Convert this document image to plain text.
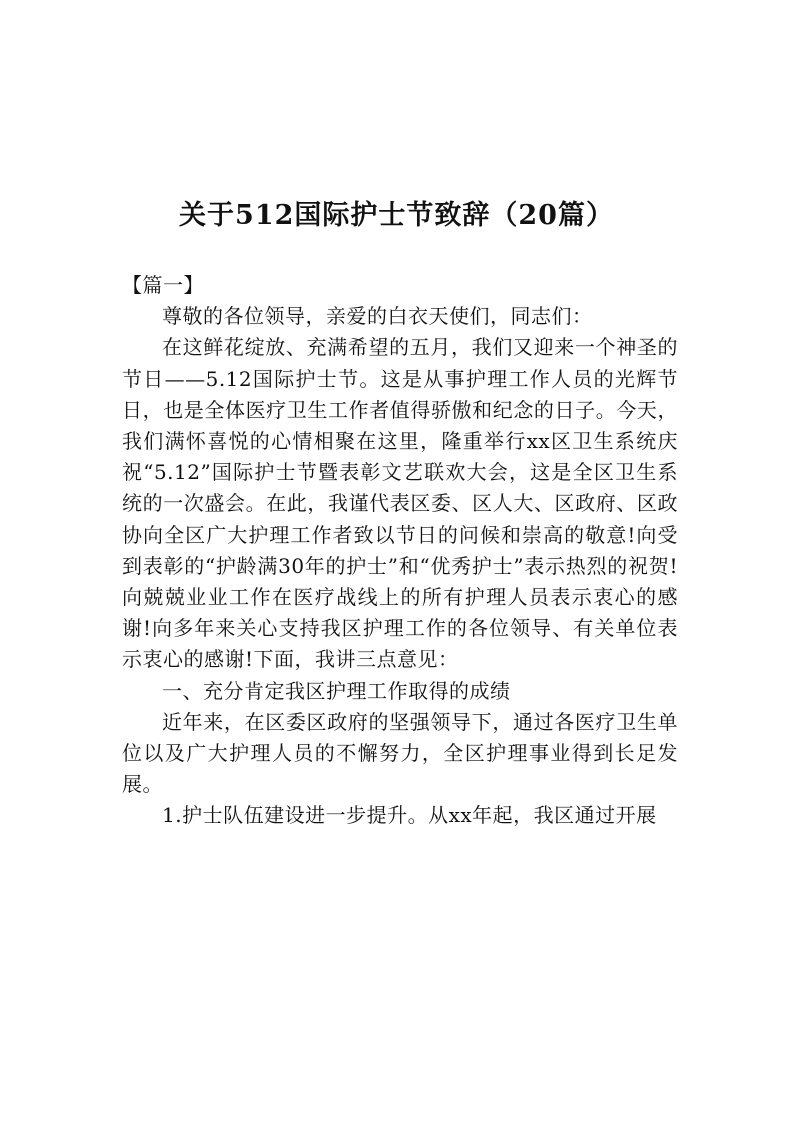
关于512国际护士节致辞（20篇）

【篇一】

尊敬的各位领导，亲爱的白衣天使们，同志们：

在这鲜花绽放、充满希望的五月，我们又迎来一个神圣的节日——5.12国际护士节。这是从事护理工作人员的光辉节日，也是全体医疗卫生工作者值得骄傲和纪念的日子。今天，我们满怀喜悦的心情相聚在这里，隆重举行xx区卫生系统庆祝“5.12”国际护士节暨表彰文艺联欢大会，这是全区卫生系统的一次盛会。在此，我谨代表区委、区人大、区政府、区政协向全区广大护理工作者致以节日的问候和崇高的敬意!向受到表彰的“护龄满30年的护士”和“优秀护士”表示热烈的祝贺!向兢兢业业工作在医疗战线上的所有护理人员表示衷心的感谢!向多年来关心支持我区护理工作的各位领导、有关单位表示衷心的感谢!下面，我讲三点意见：

一、充分肯定我区护理工作取得的成绩

近年来，在区委区政府的坚强领导下，通过各医疗卫生单位以及广大护理人员的不懈努力，全区护理事业得到长足发展。

1.护士队伍建设进一步提升。从xx年起，我区通过开展
